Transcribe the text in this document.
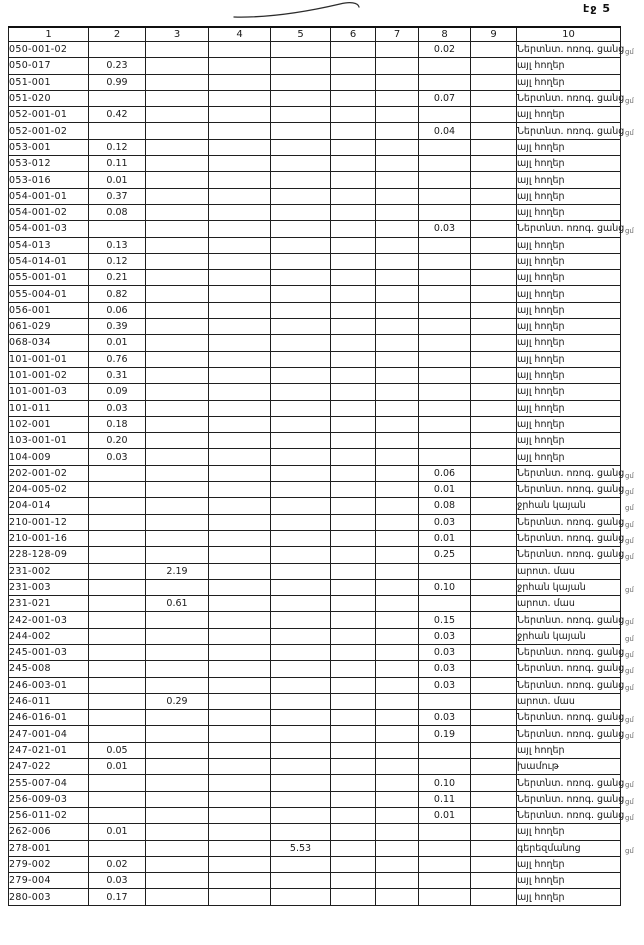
էջ 5
1	2	3	4	5	6	7	8	9	10
050-001-02							0.02		Ներտնտ. ոռոգ. ցանց ցմ

050-017	0.23								այլ հողեր
051-001	0.99								այլ հողեր
051-020							0.07		Ներտնտ. ոռոգ. ցանց ցմ

052-001-01	0.42								այլ հողեր
052-001-02							0.04		Ներտնտ. ոռոգ. ցանց ցմ

053-001	0.12								այլ հողեր
053-012	0.11								այլ հողեր
053-016	0.01								այլ հողեր
054-001-01	0.37								այլ հողեր
054-001-02	0.08								այլ հողեր
054-001-03							0.03		Ներտնտ. ոռոգ. ցանց ցմ

054-013	0.13								այլ հողեր
054-014-01	0.12								այլ հողեր
055-001-01	0.21								այլ հողեր
055-004-01	0.82								այլ հողեր
056-001	0.06								այլ հողեր
061-029	0.39								այլ հողեր
068-034	0.01								այլ հողեր
101-001-01	0.76								այլ հողեր
101-001-02	0.31								այլ հողեր
101-001-03	0.09								այլ հողեր
101-011	0.03								այլ հողեր
102-001	0.18								այլ հողեր
103-001-01	0.20								այլ հողեր
104-009	0.03								այլ հողեր
202-001-02							0.06		Ներտնտ. ոռոգ. ցանց ցմ

204-005-02							0.01		Ներտնտ. ոռոգ. ցանց ցմ

204-014							0.08		ջրհան կայան ցմ

210-001-12							0.03		Ներտնտ. ոռոգ. ցանց ցմ

210-001-16							0.01		Ներտնտ. ոռոգ. ցանց ցմ

228-128-09							0.25		Ներտնտ. ոռոգ. ցանց ցմ

231-002		2.19							արոտ. մաս
231-003							0.10		ջրհան կայան ցմ

231-021		0.61							արոտ. մաս
242-001-03							0.15		Ներտնտ. ոռոգ. ցանց ցմ

244-002							0.03		ջրհան կայան ցմ

245-001-03							0.03		Ներտնտ. ոռոգ. ցանց ցմ

245-008							0.03		Ներտնտ. ոռոգ. ցանց ցմ

246-003-01							0.03		Ներտնտ. ոռոգ. ցանց ցմ

246-011		0.29							արոտ. մաս
246-016-01							0.03		Ներտնտ. ոռոգ. ցանց ցմ

247-001-04							0.19		Ներտնտ. ոռոգ. ցանց ցմ

247-021-01	0.05								այլ հողեր
247-022	0.01								խամութ
255-007-04							0.10		Ներտնտ. ոռոգ. ցանց ցմ

256-009-03							0.11		Ներտնտ. ոռոգ. ցանց ցմ

256-011-02							0.01		Ներտնտ. ոռոգ. ցանց ցմ

262-006	0.01								այլ հողեր
278-001				5.53					գերեզմանոց ցմ

279-002	0.02								այլ հողեր
279-004	0.03								այլ հողեր
280-003	0.17								այլ հողեր
